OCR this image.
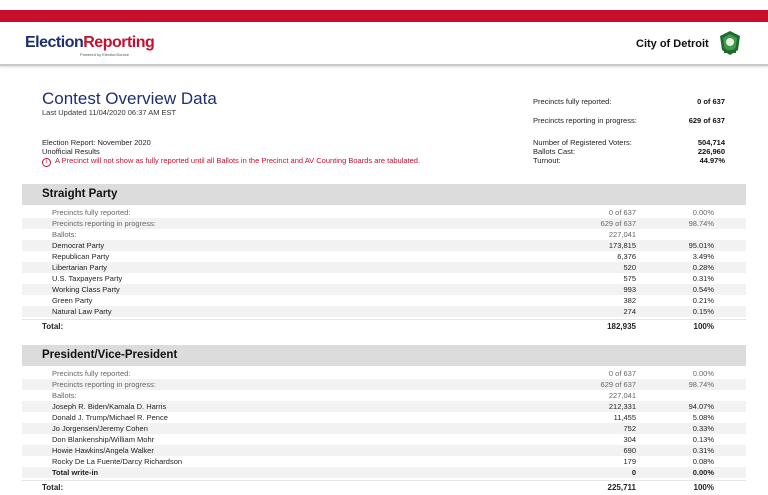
ElectionReporting
Powered by ElectionSource
City of Detroit
Contest Overview Data
Last Updated 11/04/2020 06:37 AM EST
Election Report: November 2020
Unofficial Results
i A Precinct will not show as fully reported until all Ballots in the Precinct and AV Counting Boards are tabulated.
Precincts fully reported:	0 of 637
Precincts reporting in progress:	629 of 637
Number of Registered Voters:	504,714
Ballots Cast:	226,960
Turnout:	44.97%
Straight Party
Precincts fully reported:	0 of 637	0.00%
Precincts reporting in progress:	629 of 637	98.74%
Ballots:	227,041
Democrat Party	173,815	95.01%
Republican Party	6,376	3.49%
Libertarian Party	520	0.28%
U.S. Taxpayers Party	575	0.31%
Working Class Party	993	0.54%
Green Party	382	0.21%
Natural Law Party	274	0.15%
Total:	182,935	100%
President/Vice-President
Precincts fully reported:	0 of 637	0.00%
Precincts reporting in progress:	629 of 637	98.74%
Ballots:	227,041
Joseph R. Biden/Kamala D. Harris	212,331	94.07%
Donald J. Trump/Michael R. Pence	11,455	5.08%
Jo Jorgensen/Jeremy Cohen	752	0.33%
Don Blankenship/William Mohr	304	0.13%
Howie Hawkins/Angela Walker	690	0.31%
Rocky De La Fuente/Darcy Richardson	179	0.08%
Total write-in	0	0.00%
Total:	225,711	100%
